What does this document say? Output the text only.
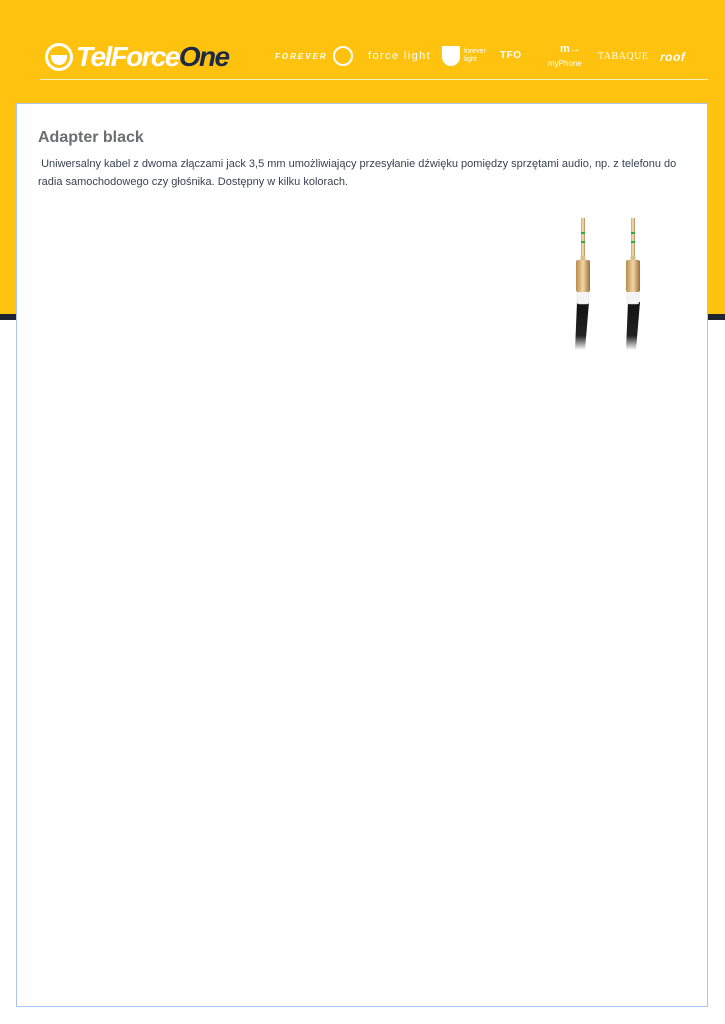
TelForceOne	FOREVER	force light	forever
light	TFO
m→
myPhone
TABAQUE roof
Adapter black

Uniwersalny kabel z dwoma złączami jack 3,5 mm umożliwiający przesyłanie dźwięku pomiędzy sprzętami audio, np. z telefonu do radia samochodowego czy głośnika. Dostępny w kilku kolorach.
